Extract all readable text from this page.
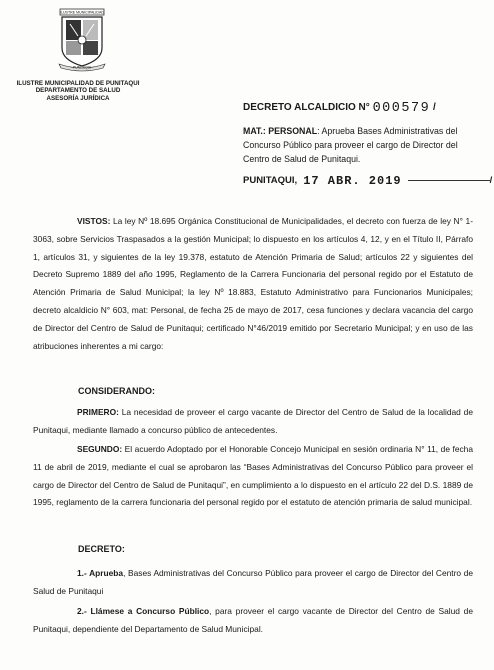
ILUSTRE MUNICIPALIDAD
PUNITAQUI
ILUSTRE MUNICIPALIDAD DE PUNITAQUI
DEPARTAMENTO DE SALUD
ASESORÍA JURÍDICA
DECRETO ALCALDICIO N° 000579 /
MAT.: PERSONAL: Aprueba Bases Administrativas del Concurso Público para proveer el cargo de Director del Centro de Salud de Punitaqui.
PUNITAQUI, 17 ABR. 2019	/
VISTOS: La ley Nº 18.695 Orgánica Constitucional de Municipalidades, el decreto con fuerza de ley N° 1-3063, sobre Servicios Traspasados a la gestión Municipal; lo dispuesto en los artículos 4, 12, y en el Título II, Párrafo 1, artículos 31, y siguientes de la ley 19.378, estatuto de Atención Primaria de Salud; artículos 22 y siguientes del Decreto Supremo 1889 del año 1995, Reglamento de la Carrera Funcionaria del personal regido por el Estatuto de Atención Primaria de Salud Municipal; la ley Nº 18.883, Estatuto Administrativo para Funcionarios Municipales; decreto alcaldicio N° 603, mat: Personal, de fecha 25 de mayo de 2017, cesa funciones y declara vacancia del cargo de Director del Centro de Salud de Punitaqui; certificado N°46/2019 emitido por Secretario Municipal; y en uso de las atribuciones inherentes a mi cargo:
CONSIDERANDO:
PRIMERO: La necesidad de proveer el cargo vacante de Director del Centro de Salud de la localidad de Punitaqui, mediante llamado a concurso público de antecedentes.
SEGUNDO: El acuerdo Adoptado por el Honorable Concejo Municipal en sesión ordinaria N° 11, de fecha 11 de abril de 2019, mediante el cual se aprobaron las “Bases Administrativas del Concurso Público para proveer el cargo de Director del Centro de Salud de Punitaqui”, en cumplimiento a lo dispuesto en el artículo 22 del D.S. 1889 de 1995, reglamento de la carrera funcionaria del personal regido por el estatuto de atención primaria de salud municipal.
DECRETO:
1.- Aprueba, Bases Administrativas del Concurso Público para proveer el cargo de Director del Centro de Salud de Punitaqui
2.- Llámese a Concurso Público, para proveer el cargo vacante de Director del Centro de Salud de Punitaqui, dependiente del Departamento de Salud Municipal.
